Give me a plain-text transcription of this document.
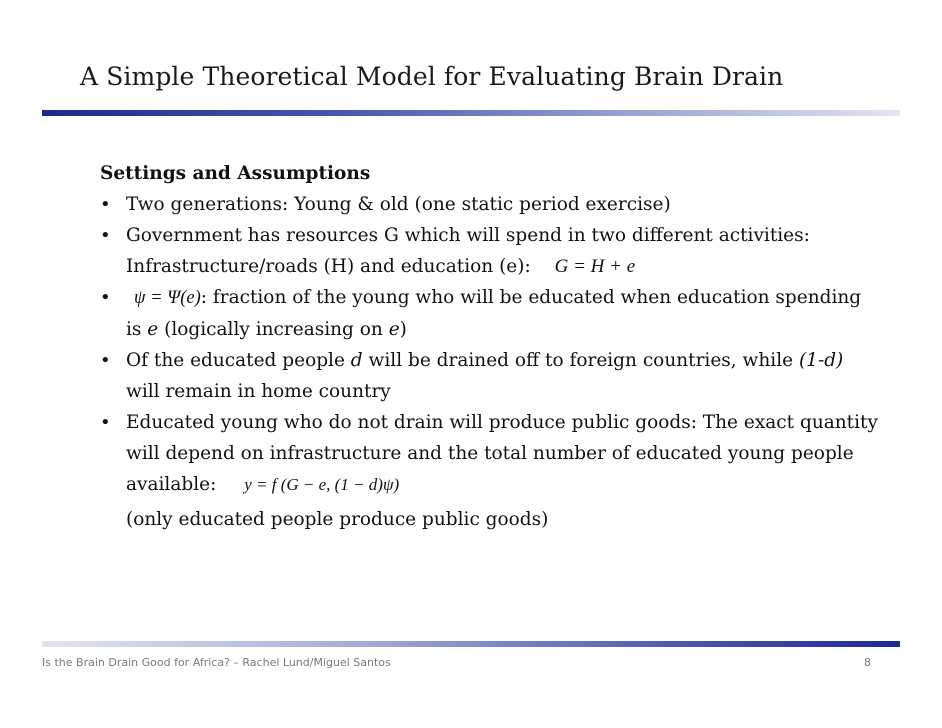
A Simple Theoretical Model for Evaluating Brain Drain
Settings and Assumptions
• Two generations: Young & old (one static period exercise)
• Government has resources G which will spend in two different activities: Infrastructure/roads (H) and education (e): G = H + e
• ψ = Ψ(e): fraction of the young who will be educated when education spending is e (logically increasing on e)
• Of the educated people d will be drained off to foreign countries, while (1-d) will remain in home country
• Educated young who do not drain will produce public goods: The exact quantity will depend on infrastructure and the total number of educated young people available: y = f (G − e, (1 − d)ψ)
(only educated people produce public goods)
Is the Brain Drain Good for Africa? – Rachel Lund/Miguel Santos	8
